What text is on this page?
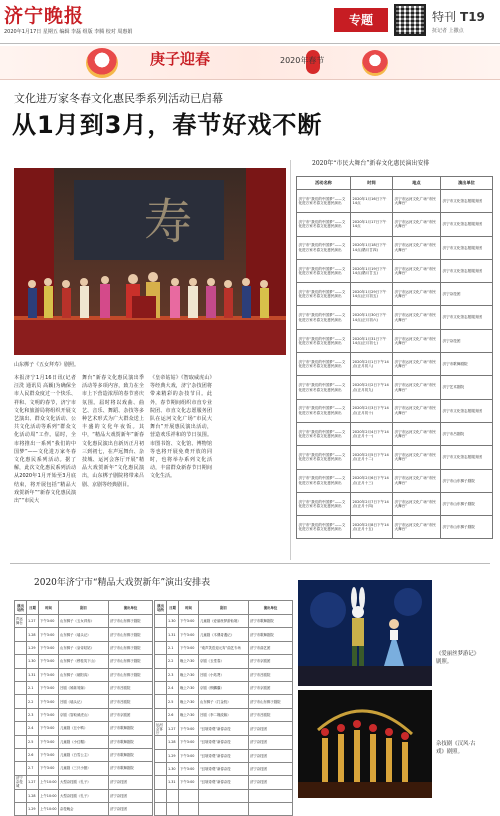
济宁晚报
2020年1月17日 星期五 编辑 李磊 组版 李腾 校对 周惠娟
专题	特刊 T19
抚记者 上撒点
庚子迎春	2020年春节
文化进万家冬春文化惠民季系列活动已启幕
从1月到3月，春节好戏不断
寿
山东梆子《五女拜寿》剧照。
本报济宁1月16日讯(记者 汪洗 通讯员 高颖)为确保全市人民群众度过一个快乐、祥和、文明的春节，济宁市文化和旅游局将组织开展文艺演出、群众文化活动、公共文化活动等系列“群众文化活动周”工作。届时，全市将推出一系列“我们的中国梦”——文化进万家冬春文化惠民系列活动。据了解，此次文化惠民系列活动从2020年1月开始至3月底结束，将开展包括“精品大戏贺新年”“新春文化惠民演出”“市民大
舞台”新春文化惠民演出季活动等多项内容，致力在全市上下营造浓厚的春节喜庆氛围。届时将以戏曲、曲艺、音乐、舞蹈、杂技等多种艺术形式为广大群众送上丰盛的文化年夜饭。其中，“精品大戏贺新年”新春文化惠民演出自新历正月初三到初七，在声远舞台、杂技城、运河会客厅开展“精品大戏贺新年”文化惠民演出，山东梆子剧院将带来吕剧、京剧等经典剧目。
《皇帝姑姑》《智取威虎山》等经典大戏，济宁杂技团将带来精彩的杂技节目。此外，春节期间组织市直专业院团、市直文化志愿服务团队在运河文化广场“市民大舞台”开展惠民演出活动，营造欢乐祥和的节日氛围。市图书馆、文化馆、博物馆等也将开展免费开放的同时，也将举办系列文化活动，丰富群众新春节日期间文化生活。
2020年“市民大舞台”新春文化惠民演出安排
活动名称	时间	地点	演出单位
济宁市“我们的中国梦”——文化进万家冬春文化惠民演出	2020年1月16日下午14点	济宁市运河文化广场“市民大舞台”	济宁市文化馆志愿服务团
济宁市“我们的中国梦”——文化进万家冬春文化惠民演出	2020年1月17日下午14点	济宁市运河文化广场“市民大舞台”	济宁市文化馆志愿服务团
济宁市“我们的中国梦”——文化进万家冬春文化惠民演出	2020年1月18日下午14点(腊月廿四)	济宁市运河文化广场“市民大舞台”	济宁市文化馆志愿服务团
济宁市“我们的中国梦”——文化进万家冬春文化惠民演出	2020年1月19日下午14点(腊月廿五)	济宁市运河文化广场“市民大舞台”	济宁市文化馆志愿服务团
济宁市“我们的中国梦”——文化进万家冬春文化惠民演出	2020年1月29日下午14点(正月初五)	济宁市运河文化广场“市民大舞台”	济宁杂技团
济宁市“我们的中国梦”——文化进万家冬春文化惠民演出	2020年1月30日下午14点(正月初六)	济宁市运河文化广场“市民大舞台”	济宁市文化馆志愿服务团
济宁市“我们的中国梦”——文化进万家冬春文化惠民演出	2020年1月31日下午14点(正月初七)	济宁市运河文化广场“市民大舞台”	济宁杂技团
济宁市“我们的中国梦”——文化进万家冬春文化惠民演出	2020年2月1日下午14点(正月初八)	济宁市运河文化广场“市民大舞台”	济宁市歌舞剧院
济宁市“我们的中国梦”——文化进万家冬春文化惠民演出	2020年2月2日下午14点(正月初九)	济宁市运河文化广场“市民大舞台”	济宁艺术剧院
济宁市“我们的中国梦”——文化进万家冬春文化惠民演出	2020年2月3日下午14点(正月初十)	济宁市运河文化广场“市民大舞台”	济宁市文化馆志愿服务团
济宁市“我们的中国梦”——文化进万家冬春文化惠民演出	2020年2月4日下午14点(正月十一)	济宁市运河文化广场“市民大舞台”	济宁市吕剧院
济宁市“我们的中国梦”——文化进万家冬春文化惠民演出	2020年2月5日下午14点(正月十二)	济宁市运河文化广场“市民大舞台”	济宁市文化馆志愿服务团
济宁市“我们的中国梦”——文化进万家冬春文化惠民演出	2020年2月6日下午14点(正月十三)	济宁市运河文化广场“市民大舞台”	济宁市山东梆子剧院
济宁市“我们的中国梦”——文化进万家冬春文化惠民演出	2020年2月7日下午14点(正月十四)	济宁市运河文化广场“市民大舞台”	济宁市山东梆子剧院
济宁市“我们的中国梦”——文化进万家冬春文化惠民演出	2020年2月8日下午14点(正月十五)	济宁市运河文化广场“市民大舞台”	济宁市山东梆子剧院
2020年济宁市“精品大戏贺新年”演出安排表
演出场所	日期	时间	剧目	演出单位
声远舞台	1.27	下午3:00	山东梆子《五女拜寿》	济宁市山东梆子剧院
	1.28	下午3:00	山东梆子《墙头记》	济宁市山东梆子剧院
	1.29	下午3:00	山东梆子《皇帝姑姑》	济宁市山东梆子剧院
	1.30	下午3:00	山东梆子《穆桂英下山》	济宁市山东梆子剧院
	1.31	下午3:00	山东梆子《朝阳沟》	济宁市山东梆子剧院
	2.1	下午3:00	吕剧《姊妹易嫁》	济宁市吕剧院
	2.2	下午3:00	吕剧《墙头记》	济宁市吕剧院
	2.3	下午3:00	京剧《智取威虎山》	济宁市京剧团
	2.4	下午3:00	儿童剧《丑小鸭》	济宁市歌舞剧院
	2.5	下午3:00	儿童剧《小红帽》	济宁市歌舞剧院
	2.6	下午3:00	儿童剧《白雪公主》	济宁市歌舞剧院
	2.7	下午3:00	儿童剧《三只小猪》	济宁市歌舞剧院
济宁杂技城	1.27	上午10:00	大型杂技剧《孔子》	济宁杂技团
	1.28	上午10:00	大型杂技剧《孔子》	济宁杂技团
	1.29	上午10:00	杂技晚会	济宁杂技团
演出场所	日期	时间	剧目	演出单位
	1.30	下午3:00	儿童剧《爱丽丝梦游仙境》	济宁市歌舞剧院
	1.31	下午3:00	儿童剧《木偶奇遇记》	济宁市歌舞剧院
	2.1	下午3:00	“欢声笑语迎元宵”曲艺专场	济宁市曲艺团
	2.2	晚上7:30	京剧《玉堂春》	济宁市京剧团
	2.3	晚上7:30	吕剧《小姑贤》	济宁市吕剧院
	2.4	晚上7:30	京剧《锁麟囊》	济宁市京剧团
	2.5	晚上7:30	山东梆子《打金枝》	济宁市山东梆子剧院
	2.6	晚上7:30	吕剧《李二嫂改嫁》	济宁市吕剧院
运河会客厅	1.27	下午3:00	“幻境奇观”新春杂技	济宁杂技团
	1.28	下午3:00	“幻境奇观”新春杂技	济宁杂技团
	1.29	下午3:00	“幻境奇观”新春杂技	济宁杂技团
	1.30	下午3:00	“幻境奇观”新春杂技	济宁杂技团
	1.31	下午3:00	“幻境奇观”新春杂技	济宁杂技团

《爱丽丝梦游记》剧照。
杂技剧《汉风·古戏》剧照。
